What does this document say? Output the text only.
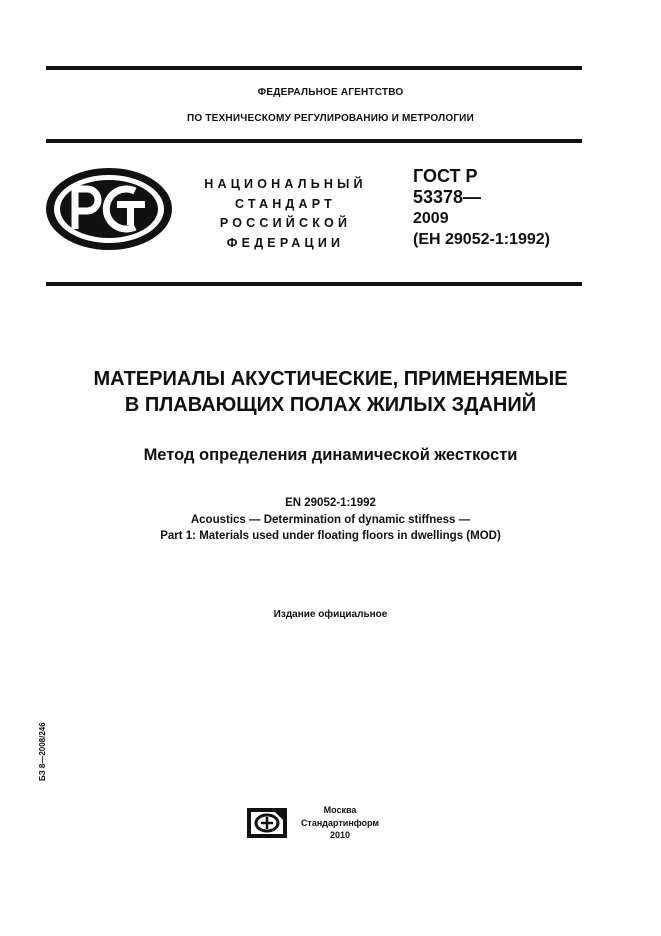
ФЕДЕРАЛЬНОЕ АГЕНТСТВО
ПО ТЕХНИЧЕСКОМУ РЕГУЛИРОВАНИЮ И МЕТРОЛОГИИ
НАЦИОНАЛЬНЫЙ
СТАНДАРТ
РОССИЙСКОЙ
ФЕДЕРАЦИИ
ГОСТ Р
53378—
2009
(ЕН 29052-1:1992)
МАТЕРИАЛЫ АКУСТИЧЕСКИЕ, ПРИМЕНЯЕМЫЕ
В ПЛАВАЮЩИХ ПОЛАХ ЖИЛЫХ ЗДАНИЙ
Метод определения динамической жесткости
EN 29052-1:1992
Acoustics — Determination of dynamic stiffness —
Part 1: Materials used under floating floors in dwellings (MOD)
Издание официальное
БЗ 8—2008/246
Москва
Стандартинформ
2010
